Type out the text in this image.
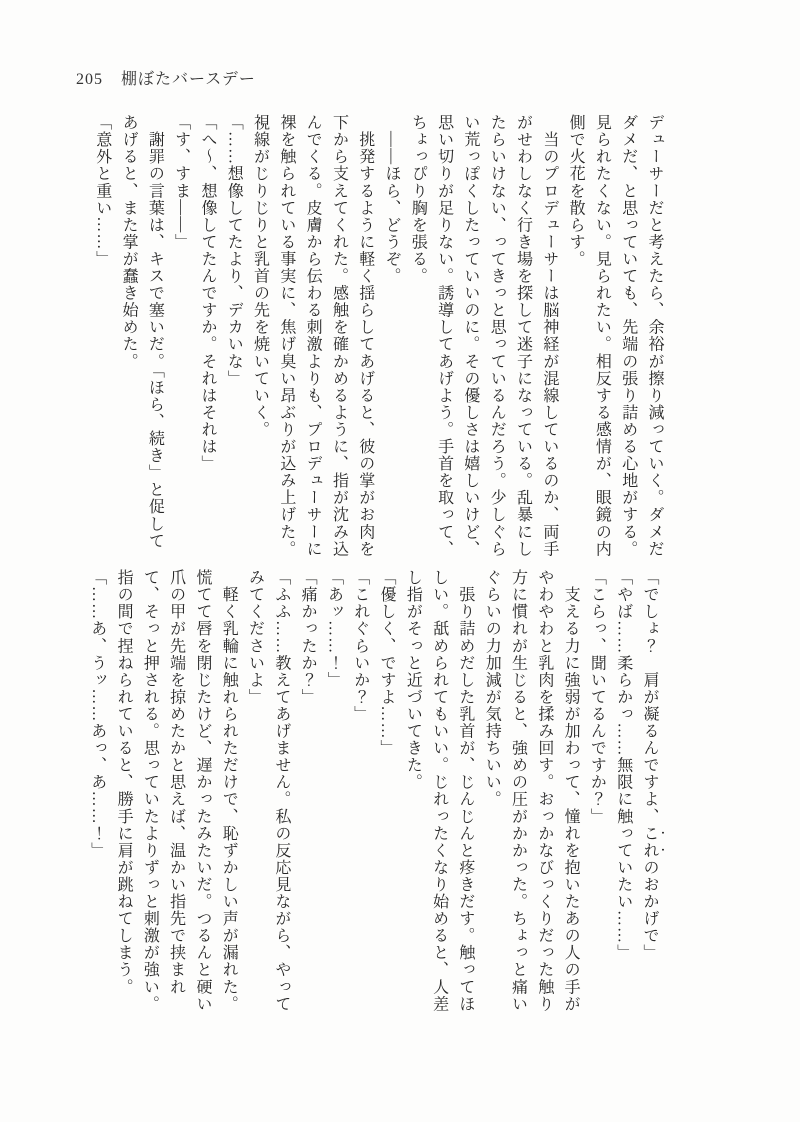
205 棚ぼたバースデー

デューサーだと考えたら、余裕が擦り減っていく。ダメだダメだ、と思っていても、先端の張り詰める心地がする。見られたくない。見られたい。相反する感情が、眼鏡の内側で火花を散らす。

　当のプロデューサーは脳神経が混線しているのか、両手がせわしなく行き場を探して迷子になっている。乱暴にしたらいけない、ってきっと思っているんだろう。少しぐらい荒っぽくしたっていいのに。その優しさは嬉しいけど、思い切りが足りない。誘導してあげよう。手首を取って、ちょっぴり胸を張る。

　――ほら、どうぞ。

　挑発するように軽く揺らしてあげると、彼の掌がお肉を下から支えてくれた。感触を確かめるように、指が沈み込んでくる。皮膚から伝わる刺激よりも、プロデューサーに裸を触られている事実に、焦げ臭い昂ぶりが込み上げた。視線がじりじりと乳首の先を焼いていく。

「……想像してたより、デカいな」

「へ〜、想像してたんですか。それはそれは」

「す、すま――」

　謝罪の言葉は、キスで塞いだ。「ほら、続き」と促してあげると、また掌が蠢き始めた。

「意外と重い……」

「でしょ？　肩が凝るんですよ、これのおかげで」

「やば……柔らかっ……無限に触っていたい……」

「こらっ、聞いてるんですか？」

　支える力に強弱が加わって、憧れを抱いたあの人の手がやわやわと乳肉を揉み回す。おっかなびっくりだった触り方に慣れが生じると、強めの圧がかかった。ちょっと痛いぐらいの力加減が気持ちいい。

　張り詰めだした乳首が、じんじんと疼きだす。触ってほしい。舐められてもいい。じれったくなり始めると、人差し指がそっと近づいてきた。

「優しく、ですよ……」

「これぐらいか？」

「あッ……！」

「痛かったか？」

「ふふ……教えてあげません。私の反応見ながら、やってみてくださいよ」

　軽く乳輪に触れられただけで、恥ずかしい声が漏れた。慌てて唇を閉じたけど、遅かったみたいだ。つるんと硬い爪の甲が先端を掠めたかと思えば、温かい指先で挟まれて、そっと押される。思っていたよりずっと刺激が強い。指の間で捏ねられていると、勝手に肩が跳ねてしまう。

「……あ、うッ……あっ、あ……！」
